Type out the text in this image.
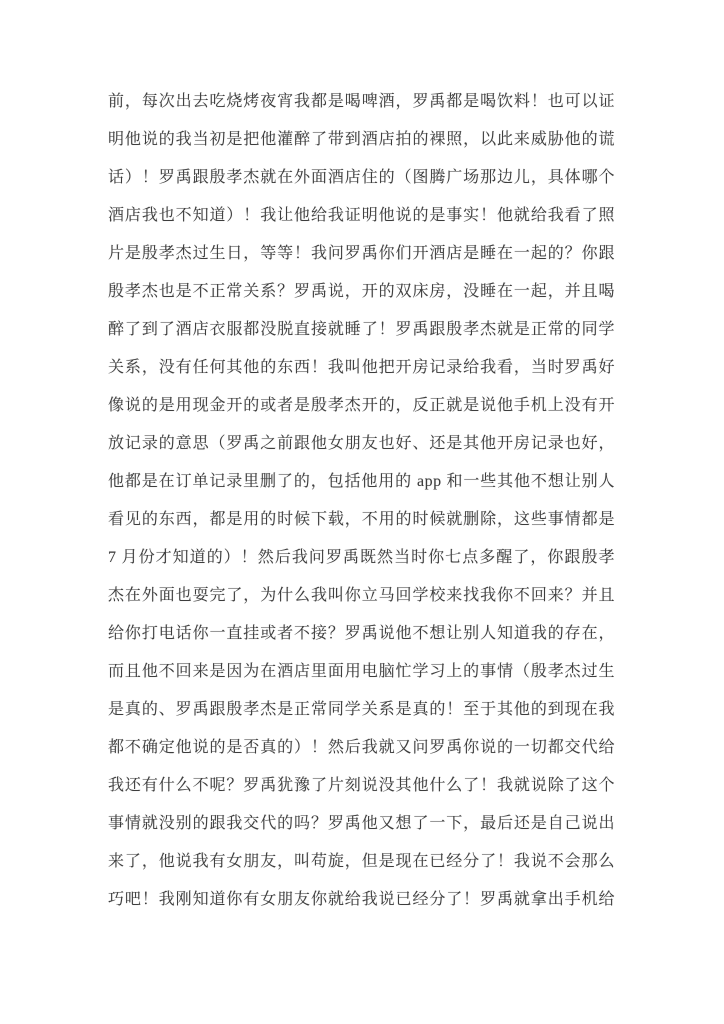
前，每次出去吃烧烤夜宵我都是喝啤酒，罗禹都是喝饮料！也可以证
明他说的我当初是把他灌醉了带到酒店拍的裸照，以此来威胁他的谎
话）！罗禹跟殷孝杰就在外面酒店住的（图腾广场那边儿，具体哪个
酒店我也不知道）！我让他给我证明他说的是事实！他就给我看了照
片是殷孝杰过生日，等等！我问罗禹你们开酒店是睡在一起的？你跟
殷孝杰也是不正常关系？罗禹说，开的双床房，没睡在一起，并且喝
醉了到了酒店衣服都没脱直接就睡了！罗禹跟殷孝杰就是正常的同学
关系，没有任何其他的东西！我叫他把开房记录给我看，当时罗禹好
像说的是用现金开的或者是殷孝杰开的，反正就是说他手机上没有开
放记录的意思（罗禹之前跟他女朋友也好、还是其他开房记录也好，
他都是在订单记录里删了的，包括他用的 app 和一些其他不想让别人
看见的东西，都是用的时候下载，不用的时候就删除，这些事情都是
7 月份才知道的）！然后我问罗禹既然当时你七点多醒了，你跟殷孝
杰在外面也耍完了，为什么我叫你立马回学校来找我你不回来？并且
给你打电话你一直挂或者不接？罗禹说他不想让别人知道我的存在，
而且他不回来是因为在酒店里面用电脑忙学习上的事情（殷孝杰过生
是真的、罗禹跟殷孝杰是正常同学关系是真的！至于其他的到现在我
都不确定他说的是否真的）！然后我就又问罗禹你说的一切都交代给
我还有什么不呢？罗禹犹豫了片刻说没其他什么了！我就说除了这个
事情就没别的跟我交代的吗？罗禹他又想了一下，最后还是自己说出
来了，他说我有女朋友，叫苟旋，但是现在已经分了！我说不会那么
巧吧！我刚知道你有女朋友你就给我说已经分了！罗禹就拿出手机给
